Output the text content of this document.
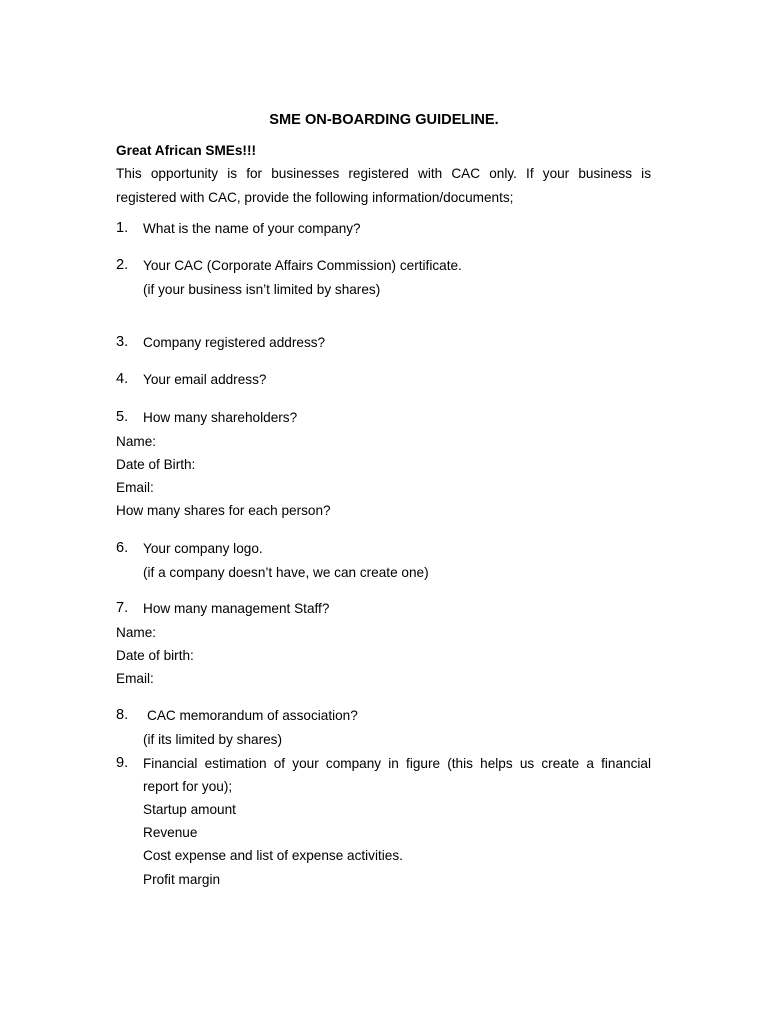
SME ON-BOARDING GUIDELINE.
Great African SMEs!!!
This opportunity is for businesses registered with CAC only. If your business is
registered with CAC, provide the following information/documents;
1. What is the name of your company?
2. Your CAC (Corporate Affairs Commission) certificate.
(if your business isn’t limited by shares)
3. Company registered address?
4. Your email address?
5. How many shareholders?
Name:
Date of Birth:
Email:
How many shares for each person?
6. Your company logo.
(if a company doesn’t have, we can create one)
7. How many management Staff?
Name:
Date of birth:
Email:
8. CAC memorandum of association?
(if its limited by shares)
9. Financial estimation of your company in figure (this helps us create a financial
report for you);
Startup amount
Revenue
Cost expense and list of expense activities.
Profit margin
